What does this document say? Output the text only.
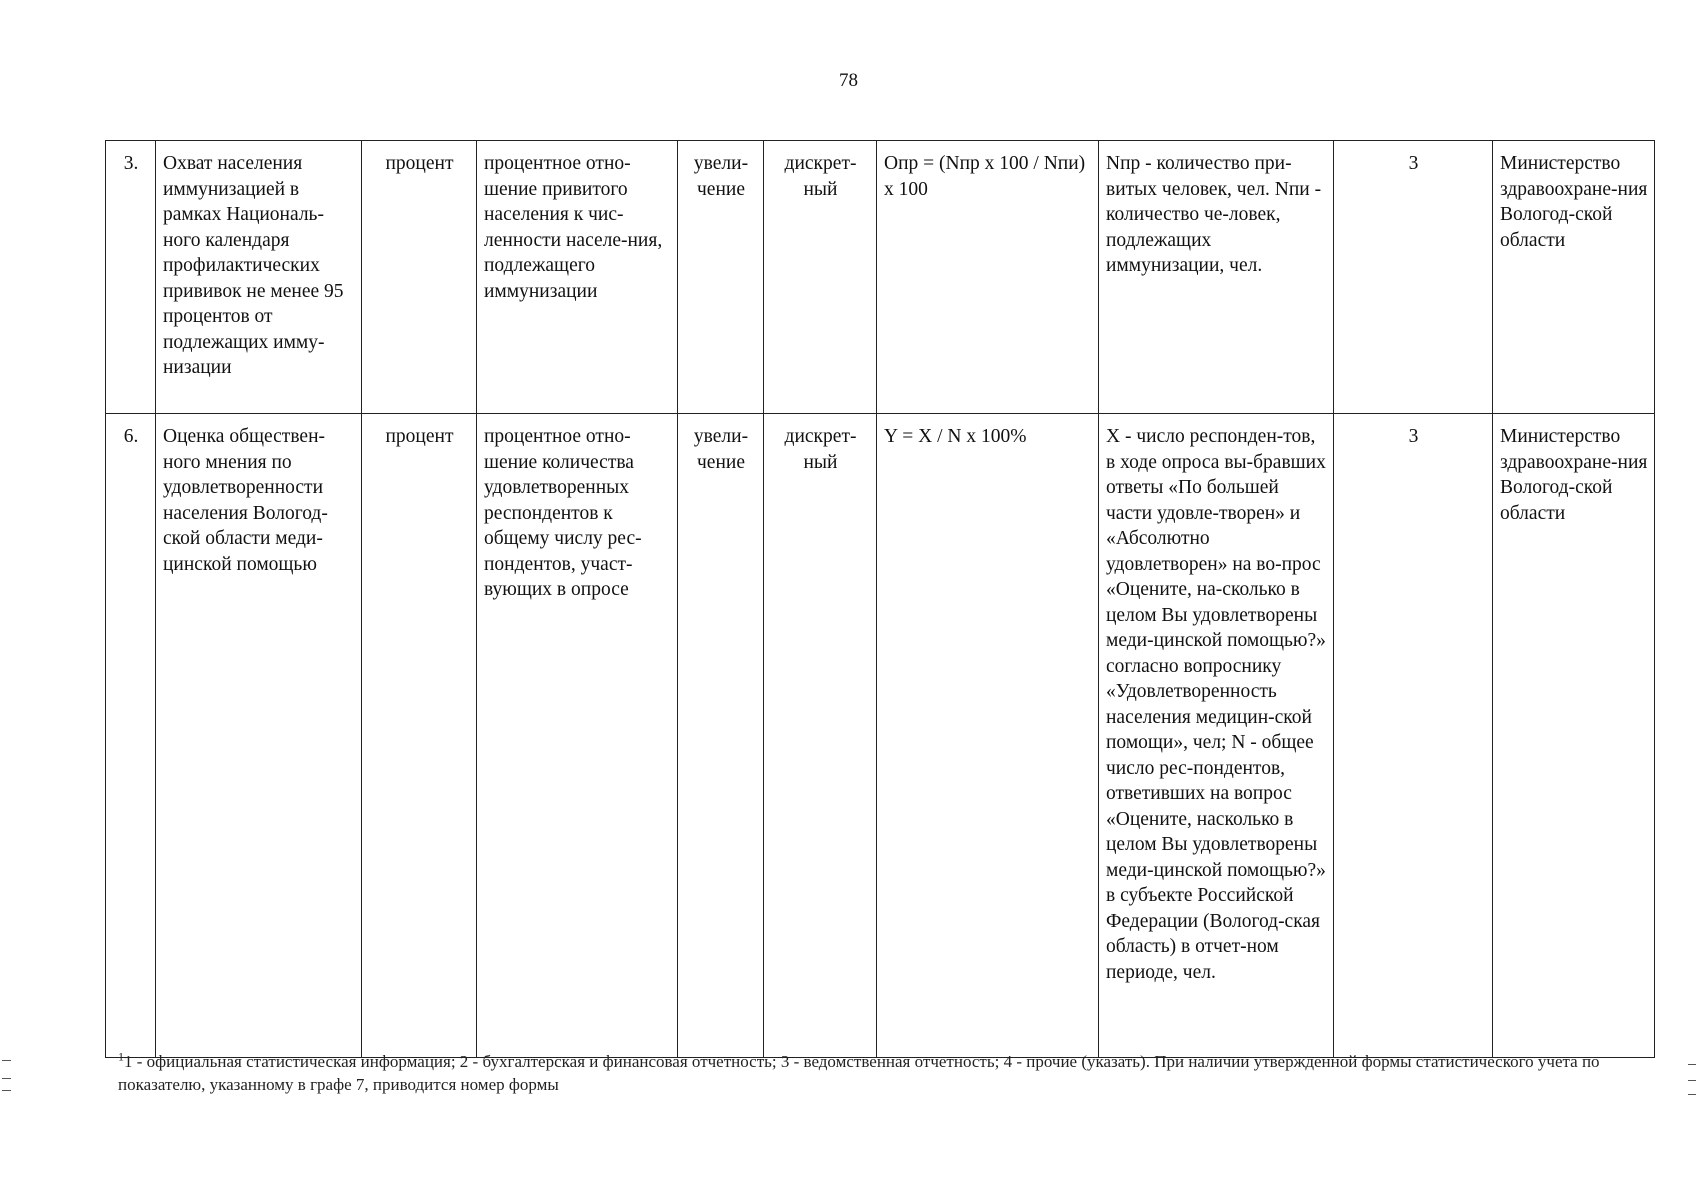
78
3.	Охват населения иммунизацией в рамках Националь-ного календаря профилактических прививок не менее 95 процентов от подлежащих имму-низации	процент	процентное отно-шение привитого населения к чис-ленности населе-ния, подлежащего иммунизации	увели-чение	дискрет-ный	Опр = (Nпр х 100 / Nпи) х 100	Nпр - количество при-витых человек, чел. Nпи - количество че-ловек, подлежащих иммунизации, чел.	3	Министерство здравоохране-ния Вологод-ской области
6.	Оценка обществен-ного мнения по удовлетворенности населения Вологод-ской области меди-цинской помощью	процент	процентное отно-шение количества удовлетворенных респондентов к общему числу рес-пондентов, участ-вующих в опросе	увели-чение	дискрет-ный	Y = X / N x 100%	X - число респонден-тов, в ходе опроса вы-бравших ответы «По большей части удовле-творен» и «Абсолютно удовлетворен» на во-прос «Оцените, на-сколько в целом Вы удовлетворены меди-цинской помощью?» согласно вопроснику «Удовлетворенность населения медицин-ской помощи», чел; N - общее число рес-пондентов, ответивших на вопрос «Оцените, насколько в целом Вы удовлетворены меди-цинской помощью?» в субъекте Российской Федерации (Вологод-ская область) в отчет-ном периоде, чел.	3	Министерство здравоохране-ния Вологод-ской области
$^1$1 - официальная статистическая информация; 2 - бухгалтерская и финансовая отчетность; 3 - ведомственная отчетность; 4 - прочие (указать). При наличии утвержденной формы статистического учета по показателю, указанному в графе 7, приводится номер формы
